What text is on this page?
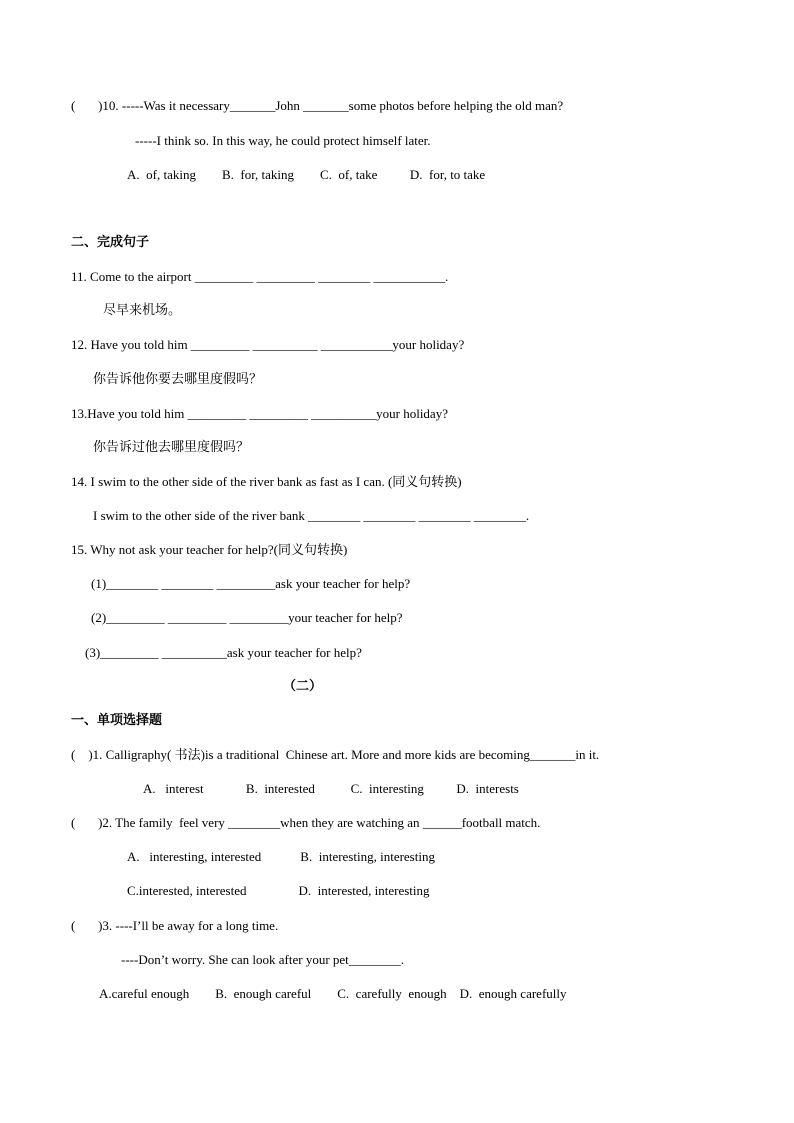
(       )10. -----Was it necessary_______John _______some photos before helping the old man?
-----I think so. In this way, he could protect himself later.
A.  of, taking        B.  for, taking        C.  of, take          D.  for, to take
二、完成句子
11. Come to the airport _________ _________ ________ ___________.
尽早来机场。
12. Have you told him _________ __________ ___________your holiday?
你告诉他你要去哪里度假吗？
13.Have you told him _________ _________ __________your holiday?
你告诉过他去哪里度假吗？
14. I swim to the other side of the river bank as fast as I can. (同义句转换)
I swim to the other side of the river bank ________ ________ ________ ________.
15. Why not ask your teacher for help?(同义句转换)
(1)________ ________ _________ask your teacher for help?
(2)_________ _________ _________your teacher for help?
(3)_________ __________ask your teacher for help?
（二）
一、单项选择题
(    )1. Calligraphy( 书法)is a traditional  Chinese art. More and more kids are becoming_______in it.
A.   interest             B.  interested           C.  interesting          D.  interests
(       )2. The family  feel very ________when they are watching an ______football match.
A.   interesting, interested            B.  interesting, interesting
C.interested, interested                D.  interested, interesting
(       )3. ----I’ll be away for a long time.
----Don’t worry. She can look after your pet________.
A.careful enough        B.  enough careful        C.  carefully  enough    D.  enough carefully
